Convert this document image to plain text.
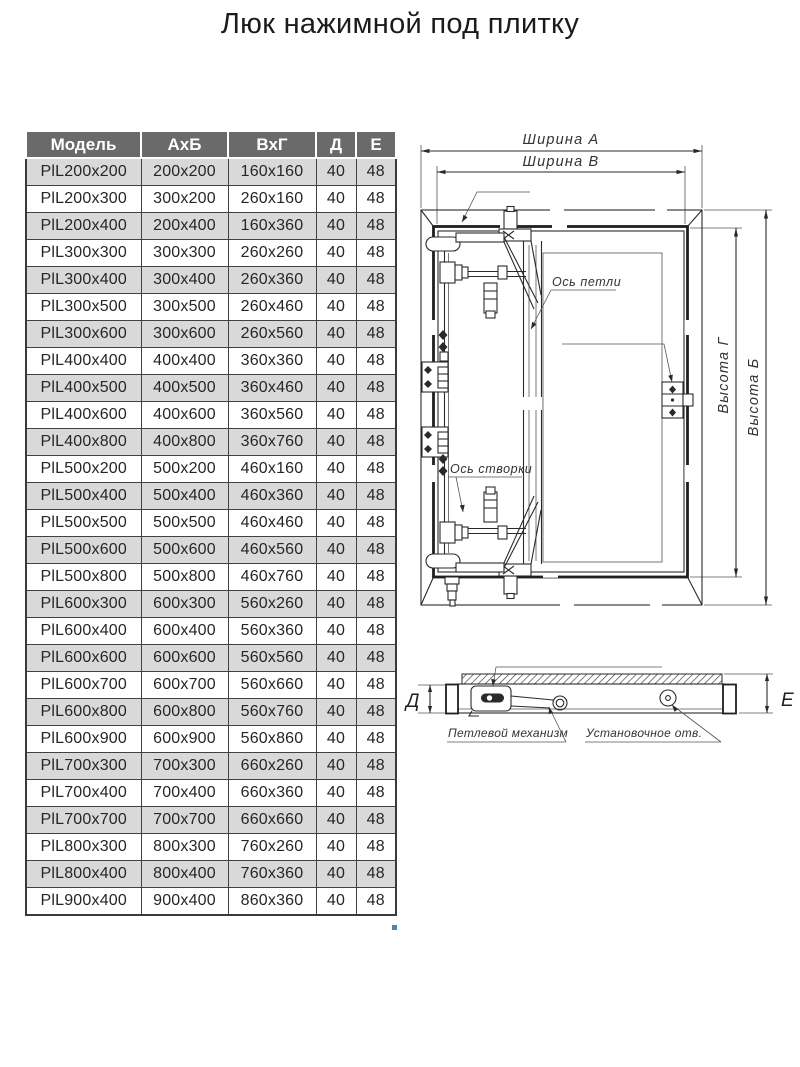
Люк нажимной под плитку
Модель	АхБ	ВхГ	Д	Е
PlL200x200	200x200	160x160	40	48
PlL200x300	300x200	260x160	40	48
PlL200x400	200x400	160x360	40	48
PlL300x300	300x300	260x260	40	48
PlL300x400	300x400	260x360	40	48
PlL300x500	300x500	260x460	40	48
PlL300x600	300x600	260x560	40	48
PlL400x400	400x400	360x360	40	48
PlL400x500	400x500	360x460	40	48
PlL400x600	400x600	360x560	40	48
PlL400x800	400x800	360x760	40	48
PlL500x200	500x200	460x160	40	48
PlL500x400	500x400	460x360	40	48
PlL500x500	500x500	460x460	40	48
PlL500x600	500x600	460x560	40	48
PlL500x800	500x800	460x760	40	48
PlL600x300	600x300	560x260	40	48
PlL600x400	600x400	560x360	40	48
PlL600x600	600x600	560x560	40	48
PlL600x700	600x700	560x660	40	48
PlL600x800	600x800	560x760	40	48
PlL600x900	600x900	560x860	40	48
PlL700x300	700x300	660x260	40	48
PlL700x400	700x400	660x360	40	48
PlL700x700	700x700	660x660	40	48
PlL800x300	800x300	760x260	40	48
PlL800x400	800x400	760x360	40	48
PlL900x400	900x400	860x360	40	48
Ширина А
Ширина В
Высота Г Высота Б
Ось петли
Ось створки
Д	Е
Петлевой механизм Установочное отв.
